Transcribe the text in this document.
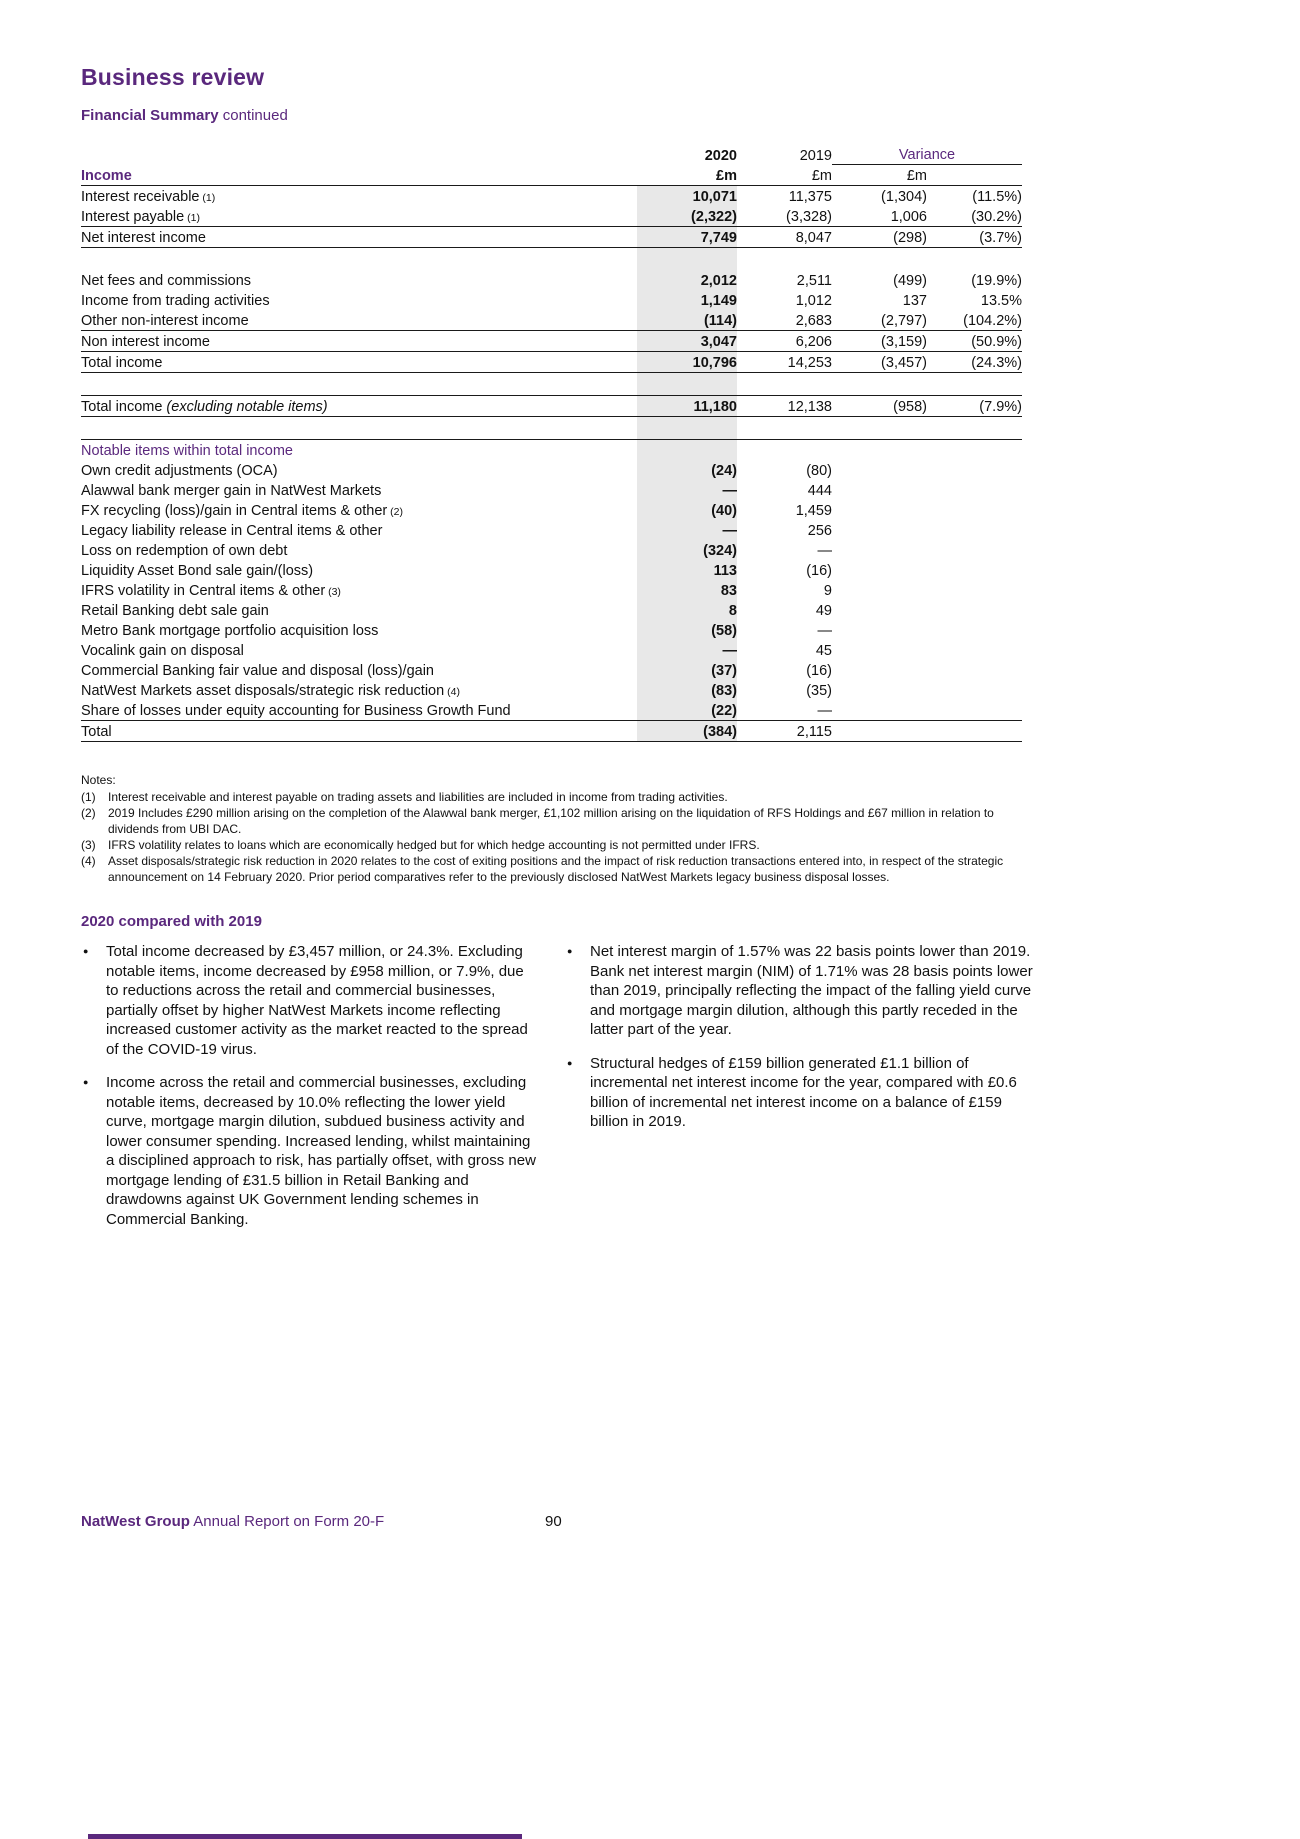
Business review
Financial Summary continued
	2020	2019	Variance	
Income	£m	£m	£m	
Interest receivable (1)	10,071	11,375	(1,304)	(11.5%)
Interest payable (1)	(2,322)	(3,328)	1,006	(30.2%)
Net interest income	7,749	8,047	(298)	(3.7%)

Net fees and commissions	2,012	2,511	(499)	(19.9%)
Income from trading activities	1,149	1,012	137	13.5%
Other non-interest income	(114)	2,683	(2,797)	(104.2%)
Non interest income	3,047	6,206	(3,159)	(50.9%)
Total income	10,796	14,253	(3,457)	(24.3%)

Total income (excluding notable items)	11,180	12,138	(958)	(7.9%)

Notable items within total income				
Own credit adjustments (OCA)	(24)	(80)		
Alawwal bank merger gain in NatWest Markets	—	444		
FX recycling (loss)/gain in Central items & other (2)	(40)	1,459		
Legacy liability release in Central items & other	—	256		
Loss on redemption of own debt	(324)	—		
Liquidity Asset Bond sale gain/(loss)	113	(16)		
IFRS volatility in Central items & other (3)	83	9		
Retail Banking debt sale gain	8	49		
Metro Bank mortgage portfolio acquisition loss	(58)	—		
Vocalink gain on disposal	—	45		
Commercial Banking fair value and disposal (loss)/gain	(37)	(16)		
NatWest Markets asset disposals/strategic risk reduction (4)	(83)	(35)		
Share of losses under equity accounting for Business Growth Fund	(22)	—		
Total	(384)	2,115		
Notes:
(1)	Interest receivable and interest payable on trading assets and liabilities are included in income from trading activities.
(2)	2019 Includes £290 million arising on the completion of the Alawwal bank merger, £1,102 million arising on the liquidation of RFS Holdings and £67 million in relation to dividends from UBI DAC.
(3)	IFRS volatility relates to loans which are economically hedged but for which hedge accounting is not permitted under IFRS.
(4)	Asset disposals/strategic risk reduction in 2020 relates to the cost of exiting positions and the impact of risk reduction transactions entered into, in respect of the strategic announcement on 14 February 2020. Prior period comparatives refer to the previously disclosed NatWest Markets legacy business disposal losses.
2020 compared with 2019
●	Total income decreased by £3,457 million, or 24.3%. Excluding notable items, income decreased by £958 million, or 7.9%, due to reductions across the retail and commercial businesses, partially offset by higher NatWest Markets income reflecting increased customer activity as the market reacted to the spread of the COVID-19 virus.
●	Income across the retail and commercial businesses, excluding notable items, decreased by 10.0% reflecting the lower yield curve, mortgage margin dilution, subdued business activity and lower consumer spending. Increased lending, whilst maintaining a disciplined approach to risk, has partially offset, with gross new mortgage lending of £31.5 billion in Retail Banking and drawdowns against UK Government lending schemes in Commercial Banking.
●	Net interest margin of 1.57% was 22 basis points lower than 2019. Bank net interest margin (NIM) of 1.71% was 28 basis points lower than 2019, principally reflecting the impact of the falling yield curve and mortgage margin dilution, although this partly receded in the latter part of the year.
●	Structural hedges of £159 billion generated £1.1 billion of incremental net interest income for the year, compared with £0.6 billion of incremental net interest income on a balance of £159 billion in 2019.
NatWest Group Annual Report on Form 20-F	90
